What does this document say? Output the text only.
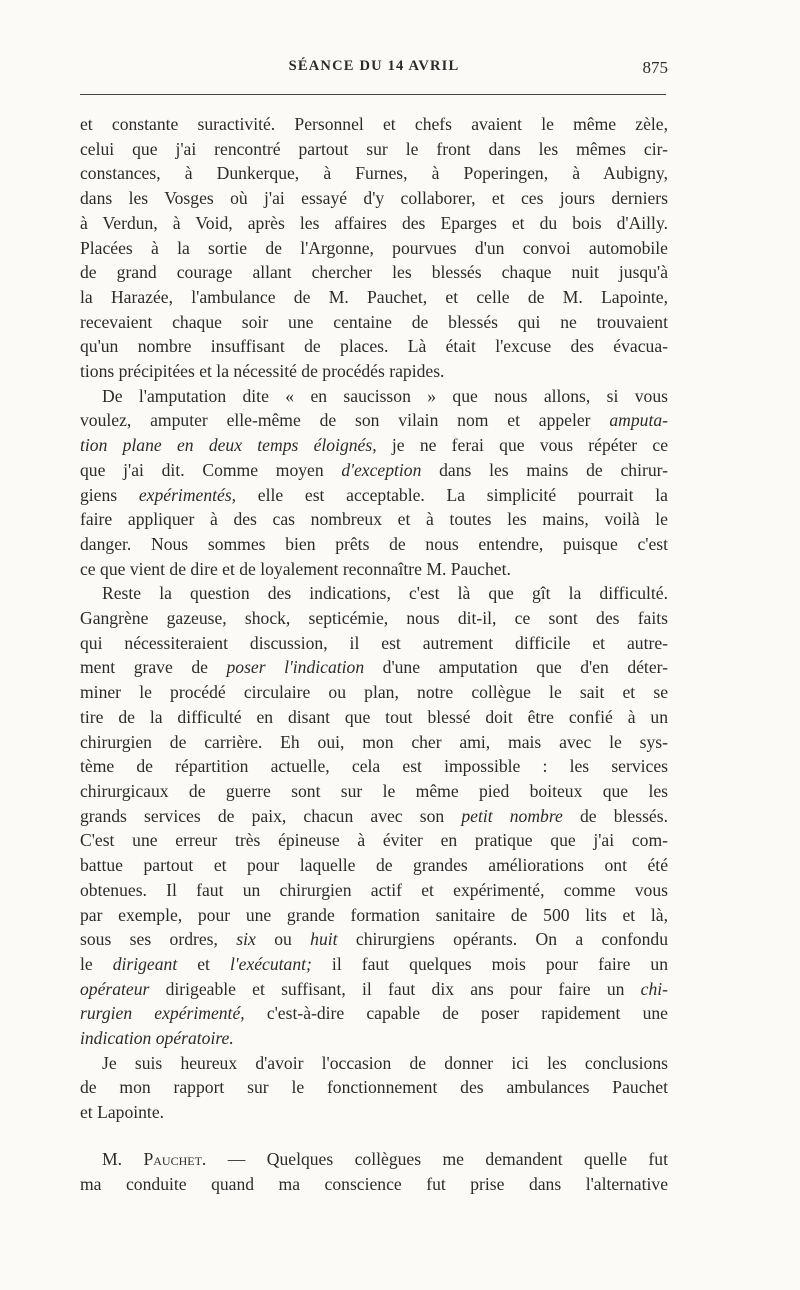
SÉANCE DU 14 AVRIL	875

et constante suractivité. Personnel et chefs avaient le même zèle,

celui que j'ai rencontré partout sur le front dans les mêmes cir-

constances, à Dunkerque, à Furnes, à Poperingen, à Aubigny,

dans les Vosges où j'ai essayé d'y collaborer, et ces jours derniers

à Verdun, à Void, après les affaires des Eparges et du bois d'Ailly.

Placées à la sortie de l'Argonne, pourvues d'un convoi automobile

de grand courage allant chercher les blessés chaque nuit jusqu'à

la Harazée, l'ambulance de M. Pauchet, et celle de M. Lapointe,

recevaient chaque soir une centaine de blessés qui ne trouvaient

qu'un nombre insuffisant de places. Là était l'excuse des évacua-

tions précipitées et la nécessité de procédés rapides.

De l'amputation dite « en saucisson » que nous allons, si vous

voulez, amputer elle-même de son vilain nom et appeler amputa-

tion plane en deux temps éloignés, je ne ferai que vous répéter ce

que j'ai dit. Comme moyen d'exception dans les mains de chirur-

giens expérimentés, elle est acceptable. La simplicité pourrait la

faire appliquer à des cas nombreux et à toutes les mains, voilà le

danger. Nous sommes bien prêts de nous entendre, puisque c'est

ce que vient de dire et de loyalement reconnaître M. Pauchet.

Reste la question des indications, c'est là que gît la difficulté.

Gangrène gazeuse, shock, septicémie, nous dit-il, ce sont des faits

qui nécessiteraient discussion, il est autrement difficile et autre-

ment grave de poser l'indication d'une amputation que d'en déter-

miner le procédé circulaire ou plan, notre collègue le sait et se

tire de la difficulté en disant que tout blessé doit être confié à un

chirurgien de carrière. Eh oui, mon cher ami, mais avec le sys-

tème de répartition actuelle, cela est impossible : les services

chirurgicaux de guerre sont sur le même pied boiteux que les

grands services de paix, chacun avec son petit nombre de blessés.

C'est une erreur très épineuse à éviter en pratique que j'ai com-

battue partout et pour laquelle de grandes améliorations ont été

obtenues. Il faut un chirurgien actif et expérimenté, comme vous

par exemple, pour une grande formation sanitaire de 500 lits et là,

sous ses ordres, six ou huit chirurgiens opérants. On a confondu

le dirigeant et l'exécutant; il faut quelques mois pour faire un

opérateur dirigeable et suffisant, il faut dix ans pour faire un chi-

rurgien expérimenté, c'est-à-dire capable de poser rapidement une

indication opératoire.

Je suis heureux d'avoir l'occasion de donner ici les conclusions

de mon rapport sur le fonctionnement des ambulances Pauchet

et Lapointe.

M. Pauchet. — Quelques collègues me demandent quelle fut

ma conduite quand ma conscience fut prise dans l'alternative
